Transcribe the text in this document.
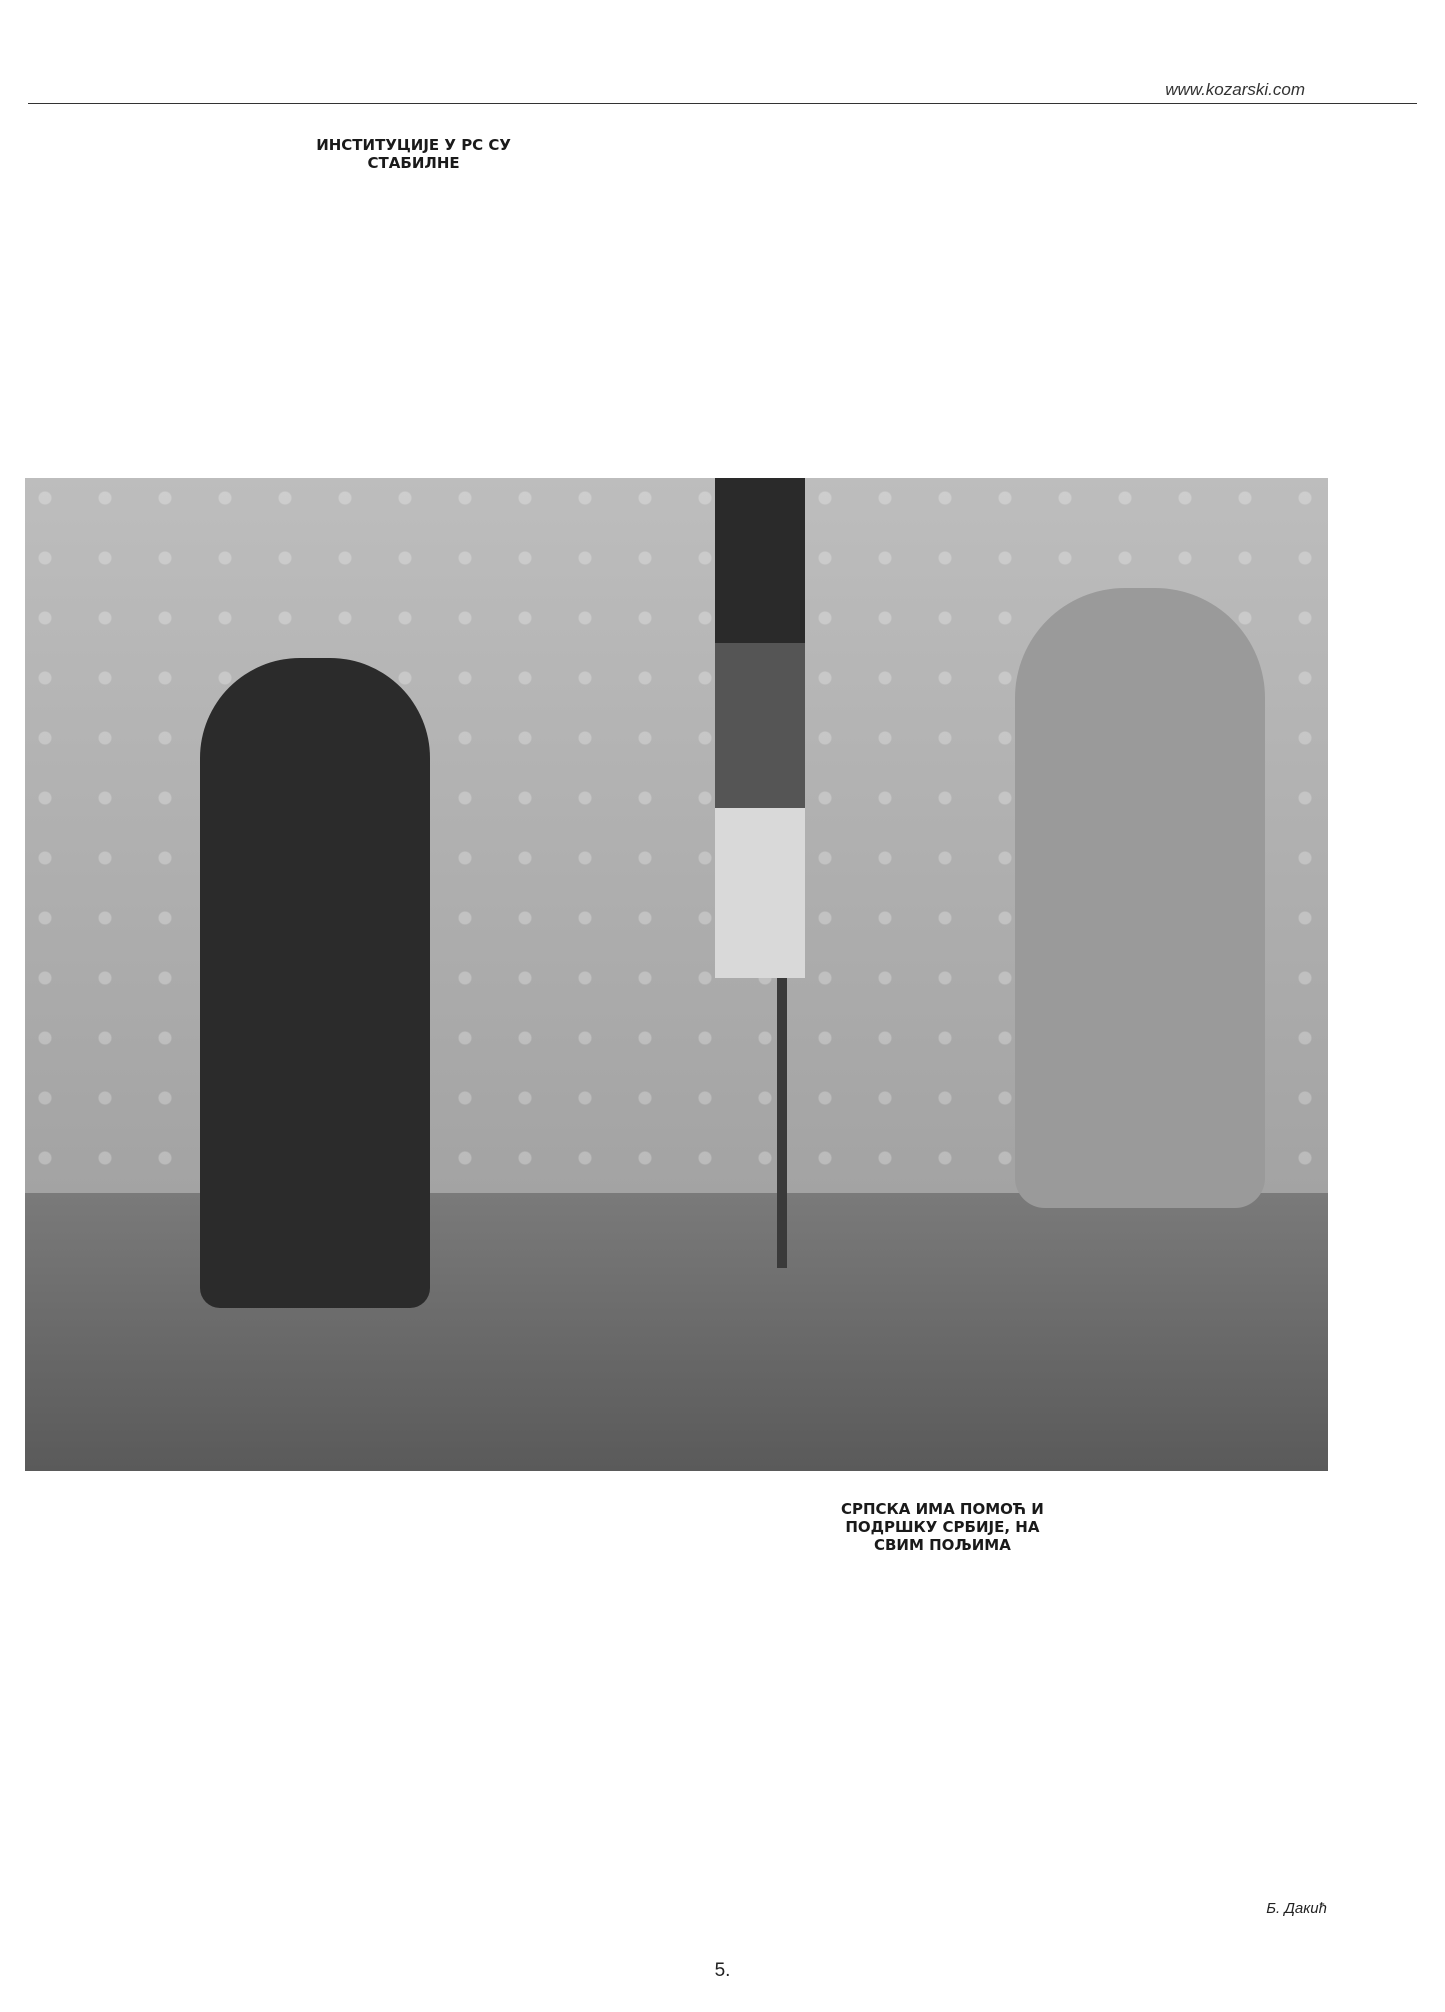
www.kozarski.com

ИНСТИТУЦИЈЕ У РС СУ СТАБИЛНЕ

СРПСКА ИМА ПОМОЋ И ПОДРШКУ СРБИЈЕ, НА СВИМ ПОЉИМА

Б. Дакић
5.
